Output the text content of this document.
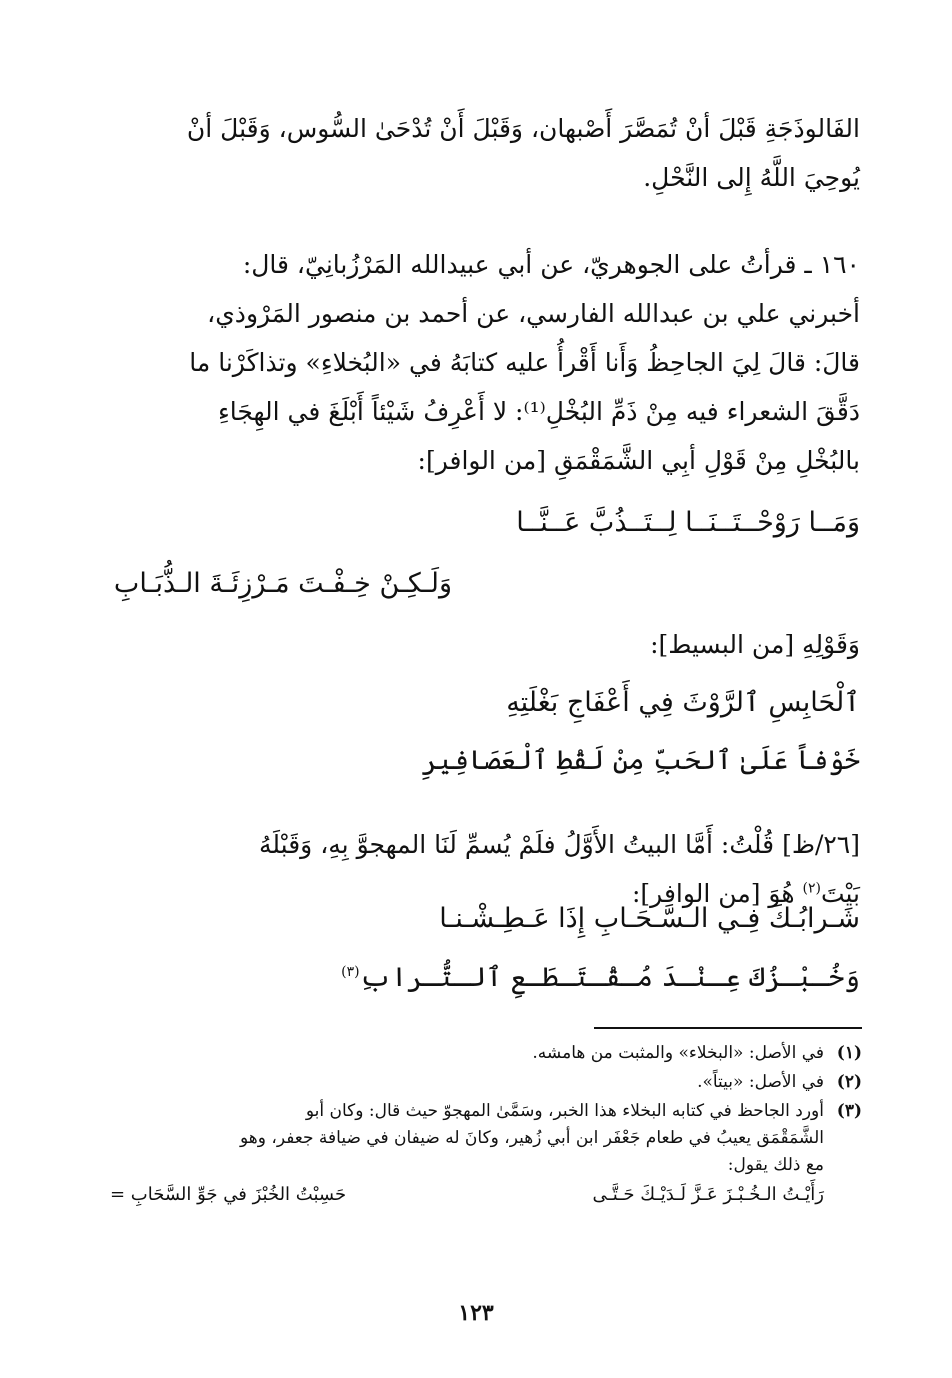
الفَالوذَجَةِ قَبْلَ أنْ تُمَصَّرَ أَصْبهان، وَقَبْلَ أَنْ تُدْحَىٰ السُّوس، وَقَبْلَ أنْ
يُوحِيَ اللَّهُ إِلى النَّحْلِ.
١٦٠ ـ قرأتُ على الجوهريّ، عن أبي عبيدالله المَرْزُبانِيّ، قال:
أخبرني علي بن عبدالله الفارسي، عن أحمد بن منصور المَرْوذي،
قالَ: قالَ لِيَ الجاحِظُ وَأَنا أَقْرأُ عليه كتابَهُ في «البُخلاءِ» وتذاكَرْنا ما
دَقَّقَ الشعراء فيه مِنْ ذَمِّ البُخْلِ⁽¹⁾: لا أَعْرِفُ شَيْئاً أَبْلَغَ في الهِجَاءِ
بالبُخْلِ مِنْ قَوْلِ أبِي الشَّمَقْمَقِ [من الوافر]:
وَمَــا رَوْحْــتَــنَــا لِــتَــذُبَّ عَــنَّــا
وَلَـكِـنْ خِـفْـتَ مَـرْزِئَـةَ الـذُّبَـابِ
وَقَوْلِهِ [من البسيط]:
ٱلْحَابِسِ ٱلرَّوْثَ فِي أَعْفَاجِ بَغْلَتِهِ
خَوْفاً عَلَىٰ ٱلحَبِّ مِنْ لَقْطِ ٱلْعَصَافِيرِ
[٢٦/ظ] قُلْتُ: أَمَّا البيتُ الأَوَّلُ فلَمْ يُسمِّ لَنَا المهجوَّ بِهِ، وَقَبْلَهُ
بَيْتَ$^{(٢)}$ هُوَ [من الوافر]:
شَـرابُـكَ فِـي الـسَّـحَـابِ إِذَا عَـطِـشْـنـا
وَخُـبْـزُكَ عِـنْـدَ مُـقْـتَـطَـعِ ٱلـتُّـرابِ$^{(٣)}$
(١)
في الأصل: «البخلاء» والمثبت من هامشه.
(٢)
في الأصل: «بيتاً».
(٣)
أورد الجاحظ في كتابه البخلاء هذا الخبر، وسَمَّىٰ المهجوّ حيث قال: وكان أبو
الشَّمَقْمَق يعيبُ في طعام جَعْفَر ابن أبي زُهير، وكانَ له ضيفان في ضيافة جعفر، وهو
مع ذلك يقول:
رَأَيْـتُ الـخُـبْـزَ عَـزَّ لَـدَيْـكَ حَـتَّـى
حَسِبْتُ الخُبْزَ في جَوِّ السَّحَابِ =
١٢٣
